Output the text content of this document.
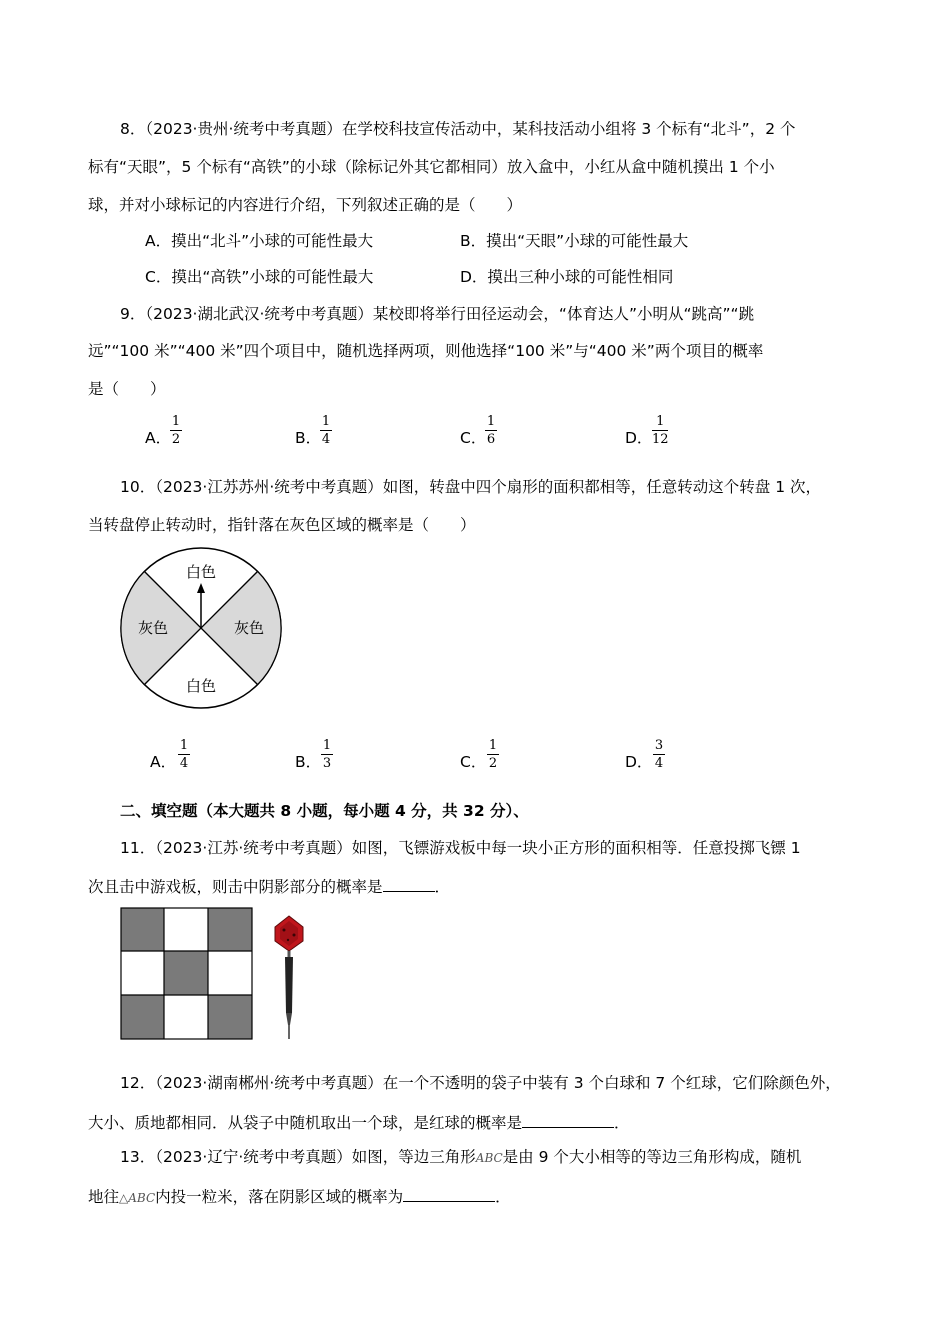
8．（2023·贵州·统考中考真题）在学校科技宣传活动中，某科技活动小组将 3 个标有“北斗”，2 个
标有“天眼”，5 个标有“高铁”的小球（除标记外其它都相同）放入盒中，小红从盒中随机摸出 1 个小
球，并对小球标记的内容进行介绍，下列叙述正确的是（　　）
A．摸出“北斗”小球的可能性最大	B．摸出“天眼”小球的可能性最大
C．摸出“高铁”小球的可能性最大	D．摸出三种小球的可能性相同
9．（2023·湖北武汉·统考中考真题）某校即将举行田径运动会，“体育达人”小明从“跳高”“跳
远”“100 米”“400 米”四个项目中，随机选择两项，则他选择“100 米”与“400 米”两个项目的概率
是（　　）
A．
1
2	B．
1
4	C．
1
6	D．
1
12
10．（2023·江苏苏州·统考中考真题）如图，转盘中四个扇形的面积都相等，任意转动这个转盘 1 次，
当转盘停止转动时，指针落在灰色区域的概率是（　　）
白色
白色
灰色	灰色
A．
1
4	B．
1
3	C．
1
2	D．
3
4
二、填空题（本大题共 8 小题，每小题 4 分，共 32 分）、
11．（2023·江苏·统考中考真题）如图，飞镖游戏板中每一块小正方形的面积相等．任意投掷飞镖 1
次且击中游戏板，则击中阴影部分的概率是	．
12．（2023·湖南郴州·统考中考真题）在一个不透明的袋子中装有 3 个白球和 7 个红球，它们除颜色外，
大小、质地都相同．从袋子中随机取出一个球，是红球的概率是	．
13．（2023·辽宁·统考中考真题）如图，等边三角形ABC是由 9 个大小相等的等边三角形构成，随机
地往△ABC内投一粒米，落在阴影区域的概率为	．
